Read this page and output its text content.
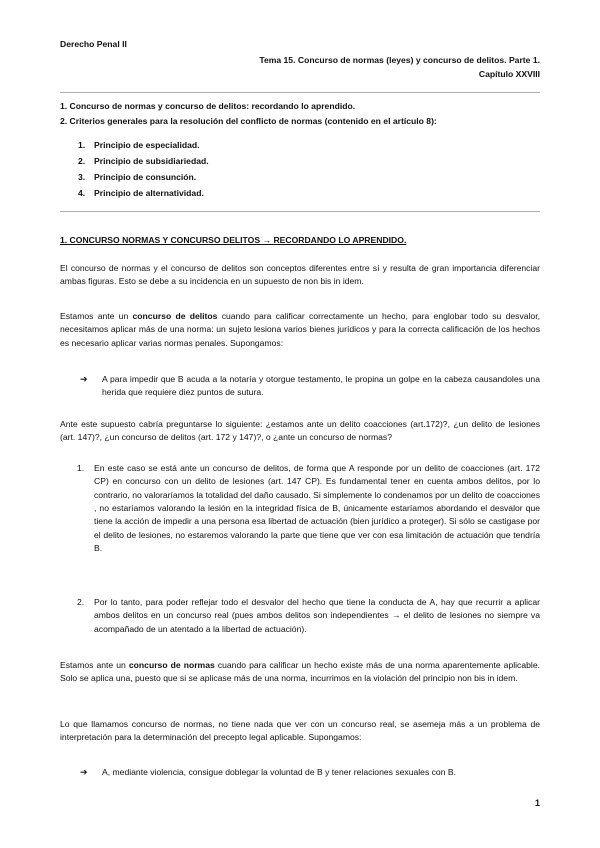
Derecho Penal II
Tema 15. Concurso de normas (leyes) y concurso de delitos. Parte 1.
Capítulo XXVIII
1. Concurso de normas y concurso de delitos: recordando lo aprendido.
2. Criterios generales para la resolución del conflicto de normas (contenido en el artículo 8):
1.	Principio de especialidad.
2.	Principio de subsidiariedad.
3.	Principio de consunción.
4.	Principio de alternatividad.
1. CONCURSO NORMAS Y CONCURSO DELITOS → RECORDANDO LO APRENDIDO.
El concurso de normas y el concurso de delitos son conceptos diferentes entre sí y resulta de gran importancia diferenciar ambas figuras. Esto se debe a su incidencia en un supuesto de non bis in idem.
Estamos ante un concurso de delitos cuando para calificar correctamente un hecho, para englobar todo su desvalor, necesitamos aplicar más de una norma: un sujeto lesiona varios bienes jurídicos y para la correcta calificación de los hechos es necesario aplicar varias normas penales. Supongamos:
➔ A para impedir que B acuda a la notaría y otorgue testamento, le propina un golpe en la cabeza causandoles una herida que requiere diez puntos de sutura.
Ante este supuesto cabría preguntarse lo siguiente: ¿estamos ante un delito coacciones (art.172)?, ¿un delito de lesiones (art. 147)?, ¿un concurso de delitos (art. 172 y 147)?, o ¿ante un concurso de normas?
1. En este caso se está ante un concurso de delitos, de forma que A responde por un delito de coacciones (art. 172 CP) en concurso con un delito de lesiones (art. 147 CP). Es fundamental tener en cuenta ambos delitos, por lo contrario, no valoraríamos la totalidad del daño causado. Si simplemente lo condenamos por un delito de coacciones , no estaríamos valorando la lesión en la integridad física de B, únicamente estaríamos abordando el desvalor que tiene la acción de impedir a una persona esa libertad de actuación (bien jurídico a proteger). Si sólo se castigase por el delito de lesiones, no estaremos valorando la parte que tiene que ver con esa limitación de actuación que tendría B.
2. Por lo tanto, para poder reflejar todo el desvalor del hecho que tiene la conducta de A, hay que recurrir a aplicar ambos delitos en un concurso real (pues ambos delitos son independientes → el delito de lesiones no siempre va acompañado de un atentado a la libertad de actuación).
Estamos ante un concurso de normas cuando para calificar un hecho existe más de una norma aparentemente aplicable. Solo se aplica una, puesto que si se aplicase más de una norma, incurrimos en la violación del principio non bis in idem.
Lo que llamamos concurso de normas, no tiene nada que ver con un concurso real, se asemeja más a un problema de interpretación para la determinación del precepto legal aplicable. Supongamos:
➔ A, mediante violencia, consigue doblegar la voluntad de B y tener relaciones sexuales con B.
1
